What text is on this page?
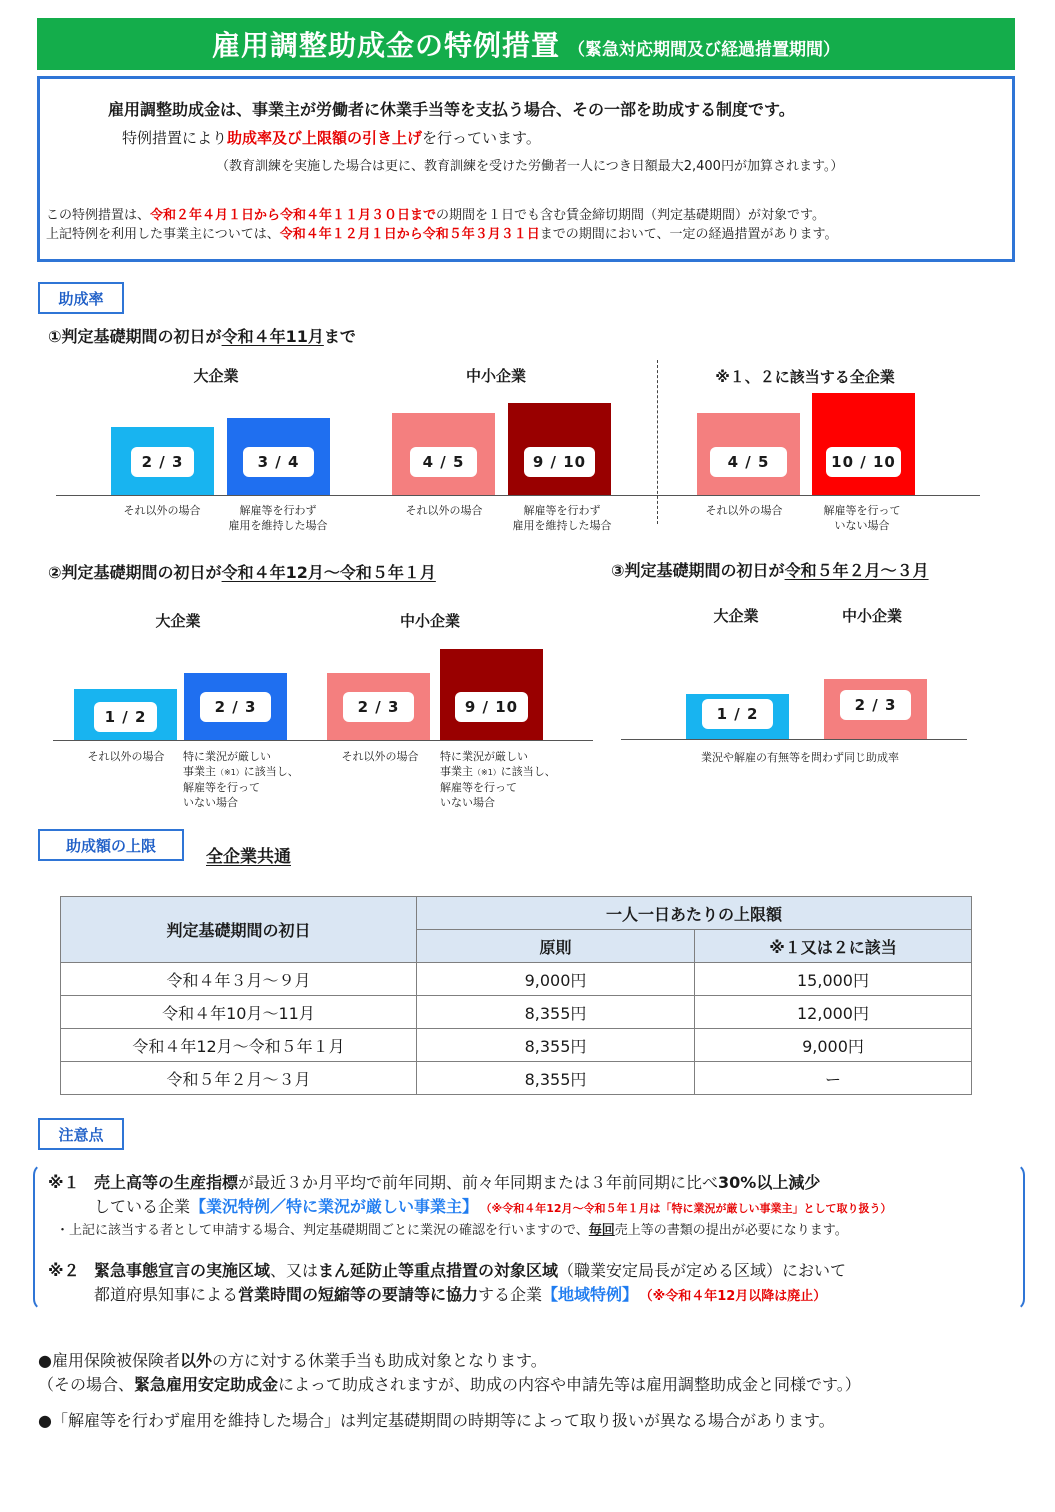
雇用調整助成金の特例措置 （緊急対応期間及び経過措置期間）
雇用調整助成金は、事業主が労働者に休業手当等を支払う場合、その一部を助成する制度です。
特例措置により助成率及び上限額の引き上げを行っています。
（教育訓練を実施した場合は更に、教育訓練を受けた労働者一人につき日額最大2,400円が加算されます。）
この特例措置は、令和２年４月１日から令和４年１１月３０日までの期間を１日でも含む賃金締切期間（判定基礎期間）が対象です。
上記特例を利用した事業主については、令和４年１２月１日から令和５年３月３１日までの期間において、一定の経過措置があります。
助成率
①判定基礎期間の初日が令和４年11月まで
大企業	中小企業	※１、２に該当する全企業
2 / 3	3 / 4	4 / 5	9 / 10	4 / 5	10 / 10
それ以外の場合	解雇等を行わず
雇用を維持した場合
それ以外の場合	解雇等を行わず
雇用を維持した場合
それ以外の場合	解雇等を行って
いない場合
②判定基礎期間の初日が令和４年12月～令和５年１月
大企業	中小企業
1 / 2
2 / 3	2 / 3	9 / 10
それ以外の場合	特に業況が厳しい
事業主（※1）に該当し、
解雇等を行って
いない場合
それ以外の場合	特に業況が厳しい
事業主（※1）に該当し、
解雇等を行って
いない場合
③判定基礎期間の初日が令和５年２月～３月
大企業	中小企業
1 / 2	2 / 3
業況や解雇の有無等を問わず同じ助成率
助成額の上限
全企業共通
判定基礎期間の初日	一人一日あたりの上限額	
	原則	※１又は２に該当
令和４年３月～９月	9,000円	15,000円
令和４年10月～11月	8,355円	12,000円
令和４年12月～令和５年１月	8,355円	9,000円
令和５年２月～３月	8,355円	ー
注意点
※１ 売上高等の生産指標が最近３か月平均で前年同期、前々年同期または３年前同期に比べ30%以上減少
している企業【業況特例／特に業況が厳しい事業主】 （※令和４年12月～令和５年１月は「特に業況が厳しい事業主」として取り扱う）
・上記に該当する者として申請する場合、判定基礎期間ごとに業況の確認を行いますので、毎回売上等の書類の提出が必要になります。
※２ 緊急事態宣言の実施区域、又はまん延防止等重点措置の対象区域（職業安定局長が定める区域）において
都道府県知事による営業時間の短縮等の要請等に協力する企業【地域特例】 （※令和４年12月以降は廃止）
●雇用保険被保険者以外の方に対する休業手当も助成対象となります。
（その場合、緊急雇用安定助成金によって助成されますが、助成の内容や申請先等は雇用調整助成金と同様です。）
●「解雇等を行わず雇用を維持した場合」は判定基礎期間の時期等によって取り扱いが異なる場合があります。
